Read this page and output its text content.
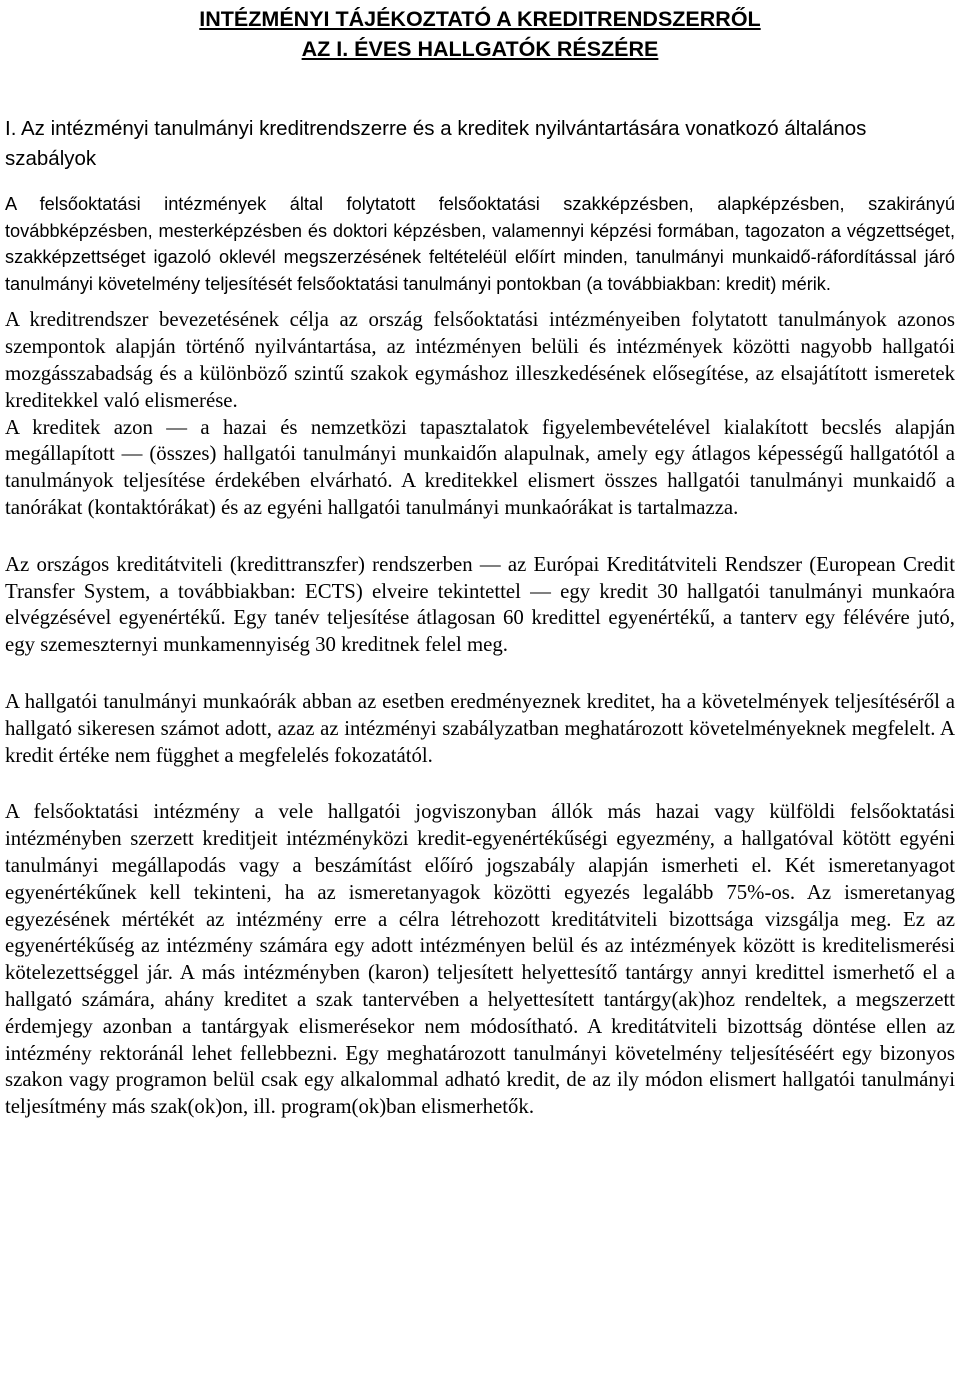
INTÉZMÉNYI TÁJÉKOZTATÓ A KREDITRENDSZERRŐL
AZ I. ÉVES HALLGATÓK RÉSZÉRE
I. Az intézményi tanulmányi kreditrendszerre és a kreditek nyilvántartására vonatkozó általános szabályok

A felsőoktatási intézmények által folytatott felsőoktatási szakképzésben, alapképzésben, szakirányú továbbképzésben, mesterképzésben és doktori képzésben, valamennyi képzési formában, tagozaton a végzettséget, szakképzettséget igazoló oklevél megszerzésének feltételéül előírt minden, tanulmányi munkaidő-ráfordítással járó tanulmányi követelmény teljesítését felsőoktatási tanulmányi pontokban (a továbbiakban: kredit) mérik.

A kreditrendszer bevezetésének célja az ország felsőoktatási intézményeiben folytatott tanulmányok azonos szempontok alapján történő nyilvántartása, az intézményen belüli és intézmények közötti nagyobb hallgatói mozgásszabadság és a különböző szintű szakok egymáshoz illeszkedésének elősegítése, az elsajátított ismeretek kreditekkel való elismerése.

A kreditek azon — a hazai és nemzetközi tapasztalatok figyelembevételével kialakított becslés alapján megállapított — (összes) hallgatói tanulmányi munkaidőn alapulnak, amely egy átlagos képességű hallgatótól a tanulmányok teljesítése érdekében elvárható. A kreditekkel elismert összes hallgatói tanulmányi munkaidő a tanórákat (kontaktórákat) és az egyéni hallgatói tanulmányi munkaórákat is tartalmazza.

Az országos kreditátviteli (kredittranszfer) rendszerben — az Európai Kreditátviteli Rendszer (European Credit Transfer System, a továbbiakban: ECTS) elveire tekintettel — egy kredit 30 hallgatói tanulmányi munkaóra elvégzésével egyenértékű. Egy tanév teljesítése átlagosan 60 kredittel egyenértékű, a tanterv egy félévére jutó, egy szemeszternyi munkamennyiség 30 kreditnek felel meg.

A hallgatói tanulmányi munkaórák abban az esetben eredményeznek kreditet, ha a követelmények teljesítéséről a hallgató sikeresen számot adott, azaz az intézményi szabályzatban meghatározott követelményeknek megfelelt. A kredit értéke nem függhet a megfelelés fokozatától.

A felsőoktatási intézmény a vele hallgatói jogviszonyban állók más hazai vagy külföldi felsőoktatási intézményben szerzett kreditjeit intézményközi kredit-egyenértékűségi egyezmény, a hallgatóval kötött egyéni tanulmányi megállapodás vagy a beszámítást előíró jogszabály alapján ismerheti el. Két ismeretanyagot egyenértékűnek kell tekinteni, ha az ismeretanyagok közötti egyezés legalább 75%-os. Az ismeretanyag egyezésének mértékét az intézmény erre a célra létrehozott kreditátviteli bizottsága vizsgálja meg. Ez az egyenértékűség az intézmény számára egy adott intézményen belül és az intézmények között is kreditelismerési kötelezettséggel jár. A más intézményben (karon) teljesített helyettesítő tantárgy annyi kredittel ismerhető el a hallgató számára, ahány kreditet a szak tantervében a helyettesített tantárgy(ak)hoz rendeltek, a megszerzett érdemjegy azonban a tantárgyak elismerésekor nem módosítható. A kreditátviteli bizottság döntése ellen az intézmény rektoránál lehet fellebbezni. Egy meghatározott tanulmányi követelmény teljesítéséért egy bizonyos szakon vagy programon belül csak egy alkalommal adható kredit, de az ily módon elismert hallgatói tanulmányi teljesítmény más szak(ok)on, ill. program(ok)ban elismerhetők.
